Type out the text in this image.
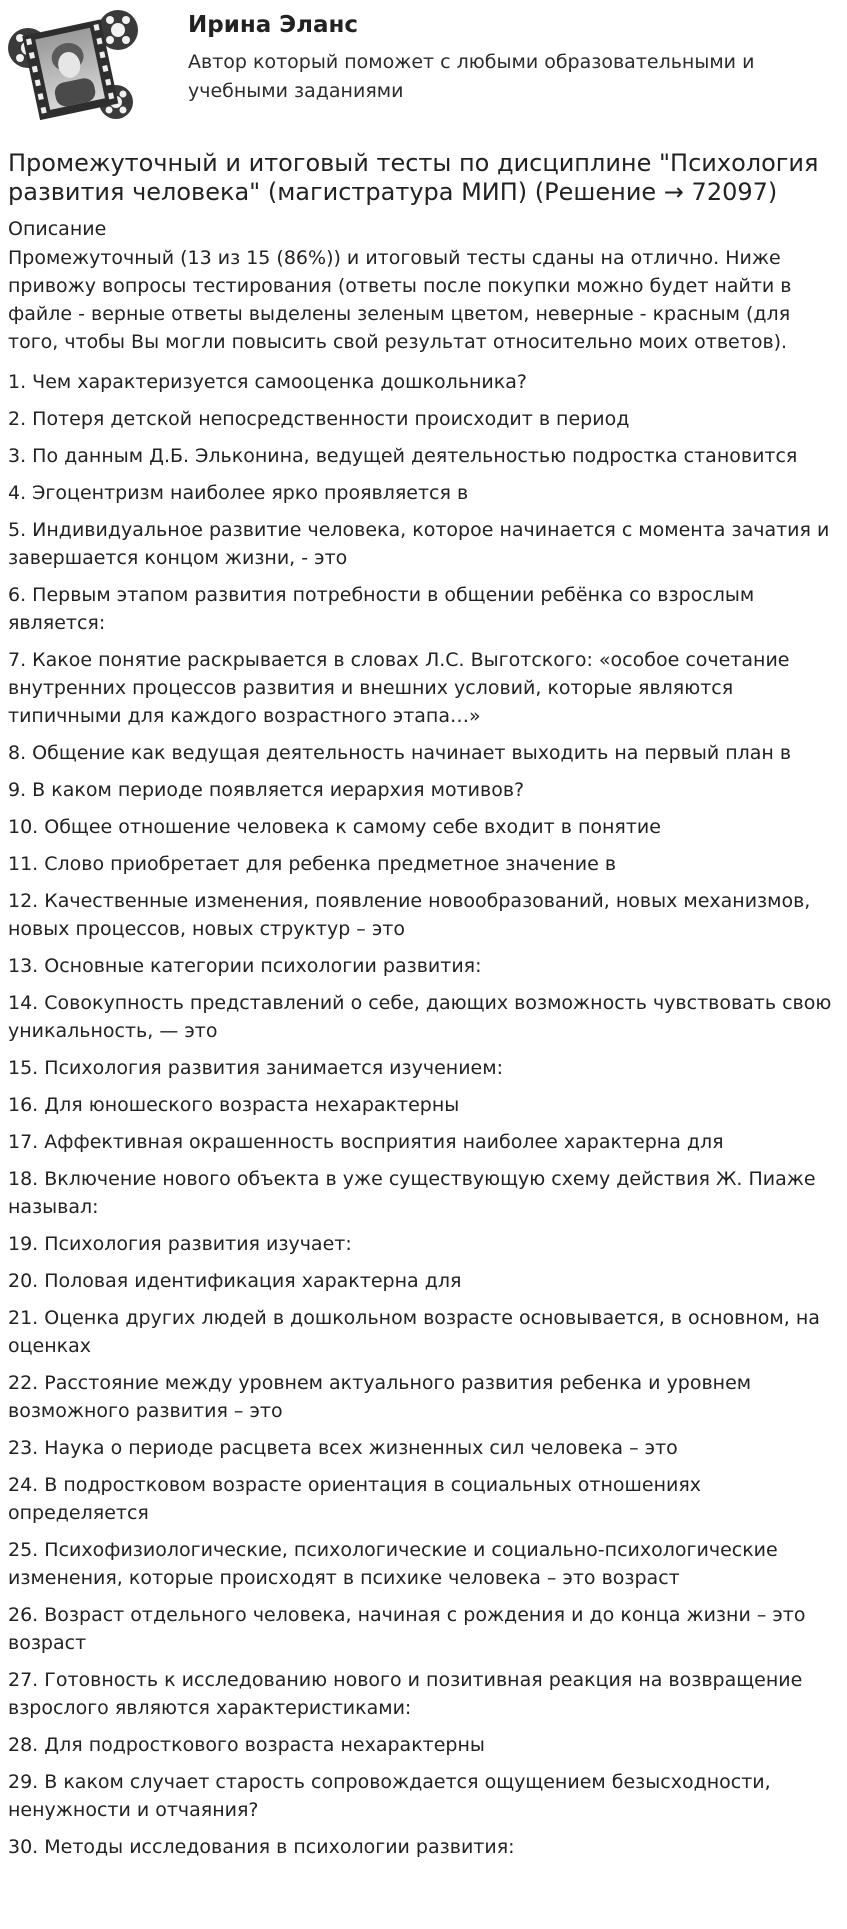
Ирина Эланс
Автор который поможет с любыми образовательными и учебными заданиями
Промежуточный и итоговый тесты по дисциплине "Психология развития человека" (магистратура МИП) (Решение → 72097)
Описание

Промежуточный (13 из 15 (86%)) и итоговый тесты сданы на отлично. Ниже привожу вопросы тестирования (ответы после покупки можно будет найти в файле - верные ответы выделены зеленым цветом, неверные - красным (для того, чтобы Вы могли повысить свой результат относительно моих ответов).

1. Чем характеризуется самооценка дошкольника?
2. Потеря детской непосредственности происходит в период
3. По данным Д.Б. Эльконина, ведущей деятельностью подростка становится
4. Эгоцентризм наиболее ярко проявляется в
5. Индивидуальное развитие человека, которое начинается с момента зачатия и завершается концом жизни, - это
6. Первым этапом развития потребности в общении ребёнка со взрослым является:
7. Какое понятие раскрывается в словах Л.С. Выготского: «особое сочетание внутренних процессов развития и внешних условий, которые являются типичными для каждого возрастного этапа…»
8. Общение как ведущая деятельность начинает выходить на первый план в
9. В каком периоде появляется иерархия мотивов?
10. Общее отношение человека к самому себе входит в понятие
11. Слово приобретает для ребенка предметное значение в
12. Качественные изменения, появление новообразований, новых механизмов, новых процессов, новых структур – это
13. Основные категории психологии развития:
14. Совокупность представлений о себе, дающих возможность чувствовать свою уникальность, — это
15. Психология развития занимается изучением:
16. Для юношеского возраста нехарактерны
17. Аффективная окрашенность восприятия наиболее характерна для
18. Включение нового объекта в уже существующую схему действия Ж. Пиаже называл:
19. Психология развития изучает:
20. Половая идентификация характерна для
21. Оценка других людей в дошкольном возрасте основывается, в основном, на оценках
22. Расстояние между уровнем актуального развития ребенка и уровнем возможного развития – это
23. Наука о периоде расцвета всех жизненных сил человека – это
24. В подростковом возрасте ориентация в социальных отношениях определяется
25. Психофизиологические, психологические и социально-психологические изменения, которые происходят в психике человека – это возраст
26. Возраст отдельного человека, начиная с рождения и до конца жизни – это возраст
27. Готовность к исследованию нового и позитивная реакция на возвращение взрослого являются характеристиками:
28. Для подросткового возраста нехарактерны
29. В каком случает старость сопровождается ощущением безысходности, ненужности и отчаяния?
30. Методы исследования в психологии развития:
